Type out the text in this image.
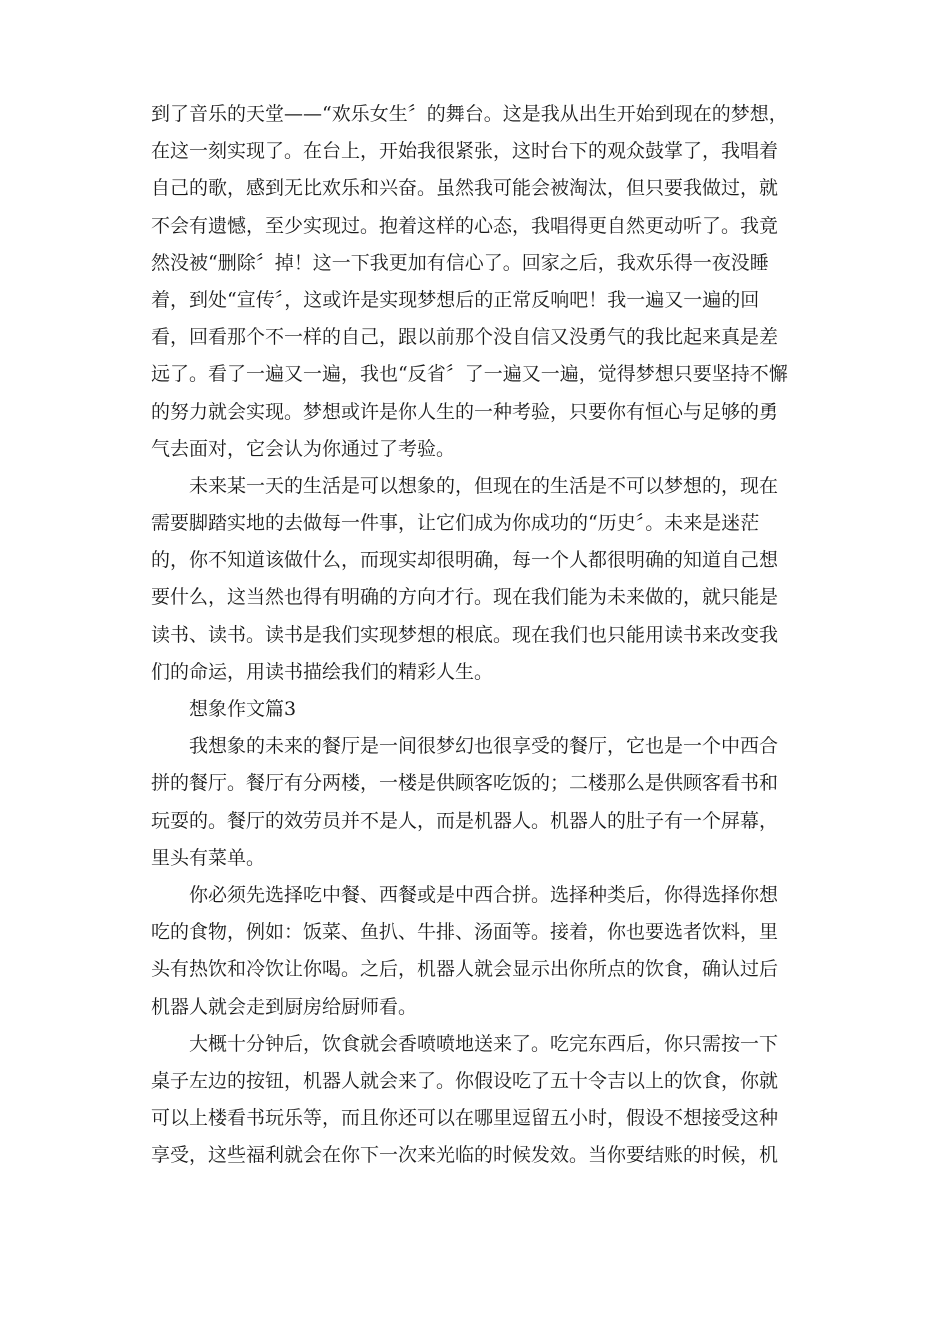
到了音乐的天堂——“欢乐女生〞的舞台。这是我从出生开始到现在的梦想，
在这一刻实现了。在台上，开始我很紧张，这时台下的观众鼓掌了，我唱着
自己的歌，感到无比欢乐和兴奋。虽然我可能会被淘汰，但只要我做过，就
不会有遗憾，至少实现过。抱着这样的心态，我唱得更自然更动听了。我竟
然没被“删除〞掉！这一下我更加有信心了。回家之后，我欢乐得一夜没睡
着，到处“宣传〞，这或许是实现梦想后的正常反响吧！我一遍又一遍的回
看，回看那个不一样的自己，跟以前那个没自信又没勇气的我比起来真是差
远了。看了一遍又一遍，我也“反省〞了一遍又一遍，觉得梦想只要坚持不懈
的努力就会实现。梦想或许是你人生的一种考验，只要你有恒心与足够的勇
气去面对，它会认为你通过了考验。
未来某一天的生活是可以想象的，但现在的生活是不可以梦想的，现在
需要脚踏实地的去做每一件事，让它们成为你成功的“历史〞。未来是迷茫
的，你不知道该做什么，而现实却很明确，每一个人都很明确的知道自己想
要什么，这当然也得有明确的方向才行。现在我们能为未来做的，就只能是
读书、读书。读书是我们实现梦想的根底。现在我们也只能用读书来改变我
们的命运，用读书描绘我们的精彩人生。
想象作文篇3
我想象的未来的餐厅是一间很梦幻也很享受的餐厅，它也是一个中西合
拼的餐厅。餐厅有分两楼，一楼是供顾客吃饭的；二楼那么是供顾客看书和
玩耍的。餐厅的效劳员并不是人，而是机器人。机器人的肚子有一个屏幕，
里头有菜单。
你必须先选择吃中餐、西餐或是中西合拼。选择种类后，你得选择你想
吃的食物，例如：饭菜、鱼扒、牛排、汤面等。接着，你也要选者饮料，里
头有热饮和冷饮让你喝。之后，机器人就会显示出你所点的饮食，确认过后
机器人就会走到厨房给厨师看。
大概十分钟后，饮食就会香喷喷地送来了。吃完东西后，你只需按一下
桌子左边的按钮，机器人就会来了。你假设吃了五十令吉以上的饮食，你就
可以上楼看书玩乐等，而且你还可以在哪里逗留五小时，假设不想接受这种
享受，这些福利就会在你下一次来光临的时候发效。当你要结账的时候，机
